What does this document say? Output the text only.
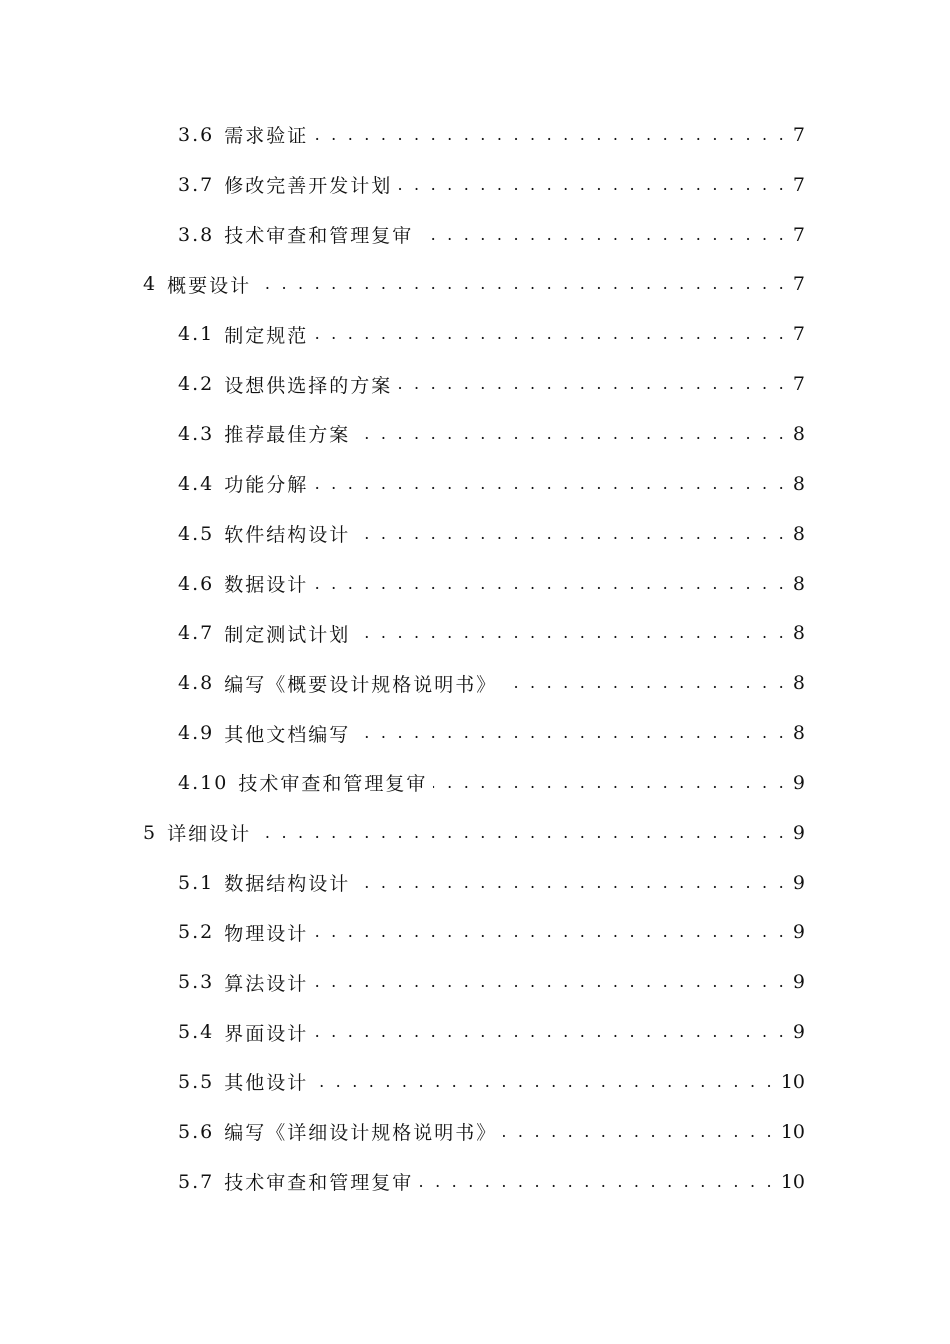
3.6 需求验证 . . .	7
3.7 修改完善开发计划 . . .	7
3.8 技术审查和管理复审 . . .	7
4 概要设计 . . .	7
4.1 制定规范 . . .	7
4.2 设想供选择的方案 . . .	7
4.3 推荐最佳方案 . . .	8
4.4 功能分解 . . .	8
4.5 软件结构设计 . . .	8
4.6 数据设计 . . .	8
4.7 制定测试计划 . . .	8
4.8 编写《概要设计规格说明书》 . . .	8
4.9 其他文档编写 . . .	8
4.10 技术审查和管理复审 . . .	9
5 详细设计 . . .	9
5.1 数据结构设计 . . .	9
5.2 物理设计 . . .	9
5.3 算法设计 . . .	9
5.4 界面设计 . . .	9
5.5 其他设计 . . .	10
5.6 编写《详细设计规格说明书》 . . .	10
5.7 技术审查和管理复审 . . .	10
